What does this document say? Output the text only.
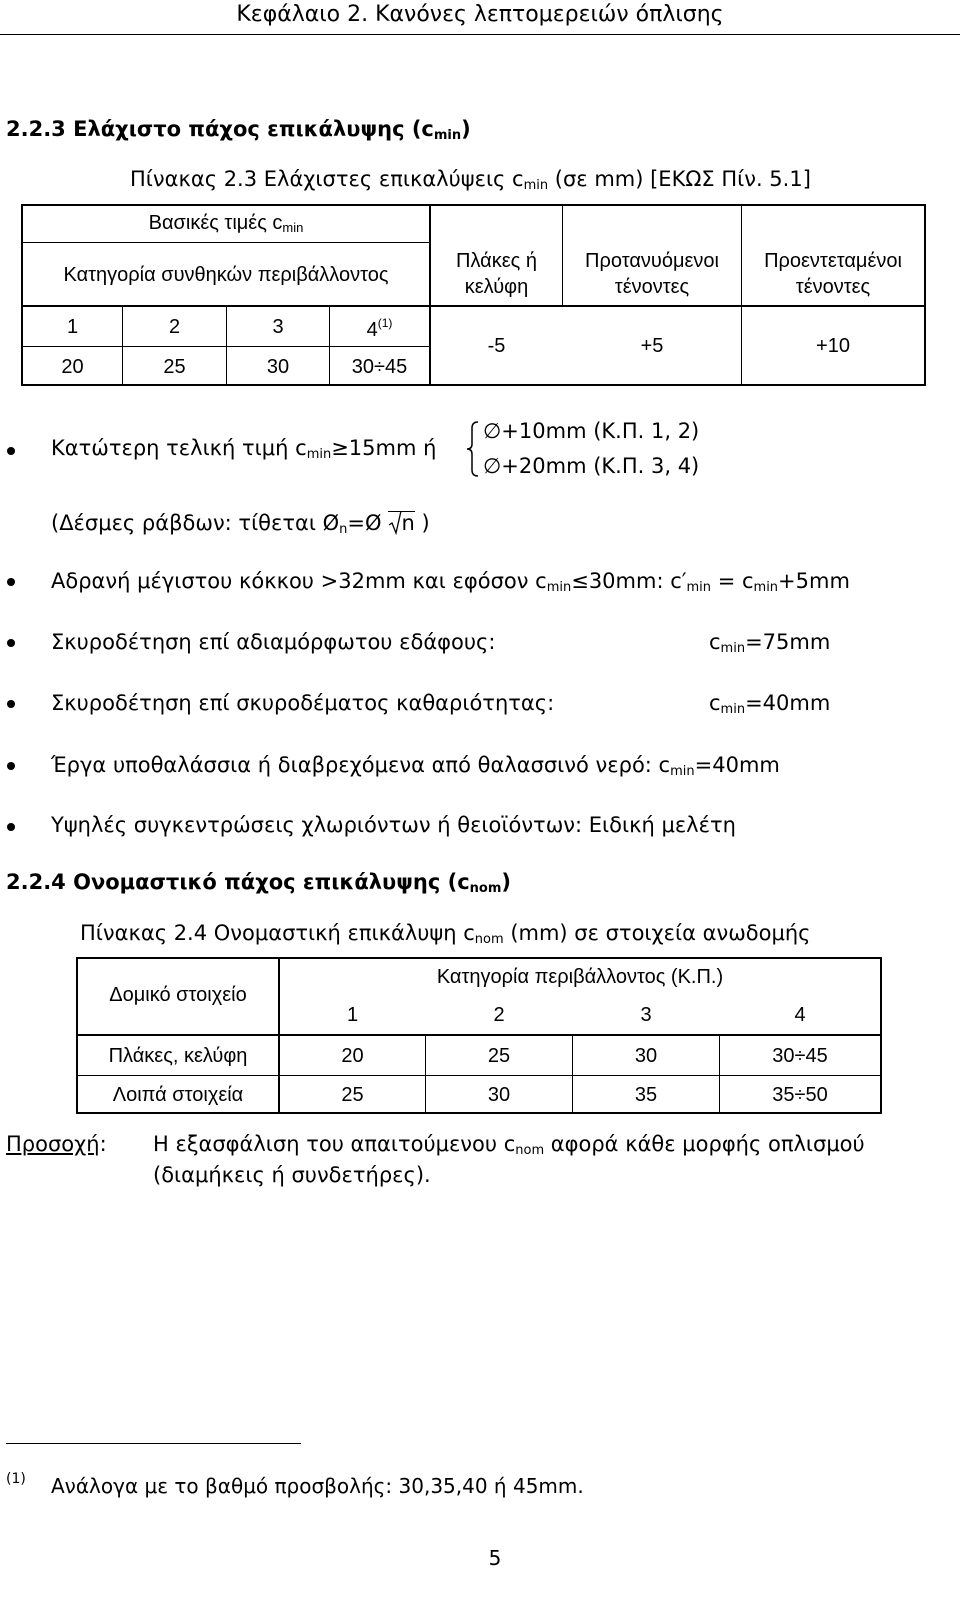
Κεφάλαιο 2. Κανόνες λεπτομερειών όπλισης
2.2.3 Ελάχιστο πάχος επικάλυψης $(c_{min})$
Πίνακας 2.3 Ελάχιστες επικαλύψεις $c_{min}$ (σε mm) [ΕΚΩΣ Πίν. 5.1]
Βασικές τιμές $c_{min}$
Κατηγορία συνθηκών περιβάλλοντος
1	2	3	4$^{(1)}$
20	25	30	30÷45
Πλάκες ή
κελύφη
Προτανυόμενοι
τένοντες
Προεντεταμένοι
τένοντες
-5	+5	+10
Κατώτερη τελική τιμή $c_{min}\ge 15mm$ ή
∅+10mm (Κ.Π. 1, 2)
∅+20mm (Κ.Π. 3, 4)
(Δέσμες ράβδων: τίθεται $Ø_n=Ø$ n )
Αδρανή μέγιστου κόκκου >32mm και εφόσον $c_{min}\le 30mm$: $c'_{min} = c_{min}+5mm$
Σκυροδέτηση επί αδιαμόρφωτου εδάφους:	$c_{min}=75mm$
Σκυροδέτηση επί σκυροδέματος καθαριότητας:	$c_{min}=40mm$
Έργα υποθαλάσσια ή διαβρεχόμενα από θαλασσινό νερό: $c_{min}=40mm$
Υψηλές συγκεντρώσεις χλωριόντων ή θειοϊόντων: Ειδική μελέτη
2.2.4 Ονομαστικό πάχος επικάλυψης $(c_{nom})$
Πίνακας 2.4 Ονομαστική επικάλυψη $c_{nom}$ (mm) σε στοιχεία ανωδομής
Δομικό στοιχείο
Κατηγορία περιβάλλοντος (Κ.Π.)
1	2	3	4
Πλάκες, κελύφη	20	25	30	30÷45
Λοιπά στοιχεία	25	30	35	35÷50
Προσοχή: Η εξασφάλιση του απαιτούμενου $c_{nom}$ αφορά κάθε μορφής οπλισμού
(διαμήκεις ή συνδετήρες).
(1) Ανάλογα με το βαθμό προσβολής: 30,35,40 ή 45mm.
5
